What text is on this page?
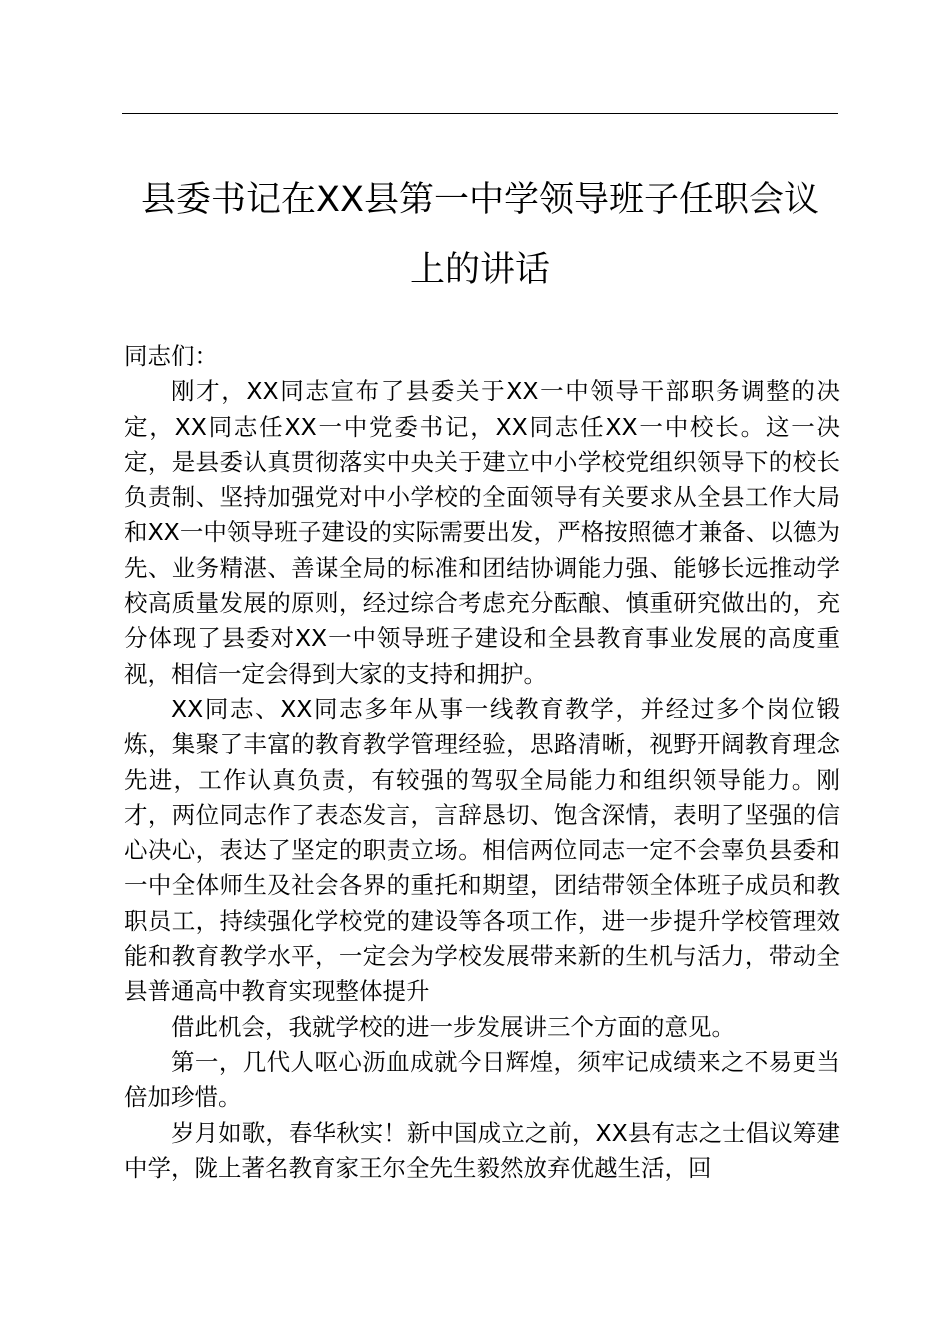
县委书记在XX县第一中学领导班子任职会议
上的讲话

同志们：

刚才，XX同志宣布了县委关于XX一中领导干部职务调整的决定，XX同志任XX一中党委书记，XX同志任XX一中校长。这一决定，是县委认真贯彻落实中央关于建立中小学校党组织领导下的校长负责制、坚持加强党对中小学校的全面领导有关要求从全县工作大局和XX一中领导班子建设的实际需要出发，严格按照德才兼备、以德为先、业务精湛、善谋全局的标准和团结协调能力强、能够长远推动学校高质量发展的原则，经过综合考虑充分酝酿、慎重研究做出的，充分体现了县委对XX一中领导班子建设和全县教育事业发展的高度重视，相信一定会得到大家的支持和拥护。

XX同志、XX同志多年从事一线教育教学，并经过多个岗位锻炼，集聚了丰富的教育教学管理经验，思路清晰，视野开阔教育理念先进，工作认真负责，有较强的驾驭全局能力和组织领导能力。刚才，两位同志作了表态发言，言辞恳切、饱含深情，表明了坚强的信心决心，表达了坚定的职责立场。相信两位同志一定不会辜负县委和一中全体师生及社会各界的重托和期望，团结带领全体班子成员和教职员工，持续强化学校党的建设等各项工作，进一步提升学校管理效能和教育教学水平，一定会为学校发展带来新的生机与活力，带动全县普通高中教育实现整体提升

借此机会，我就学校的进一步发展讲三个方面的意见。

第一，几代人呕心沥血成就今日辉煌，须牢记成绩来之不易更当倍加珍惜。

岁月如歌，春华秋实！新中国成立之前，XX县有志之士倡议筹建中学，陇上著名教育家王尔全先生毅然放弃优越生活，回
